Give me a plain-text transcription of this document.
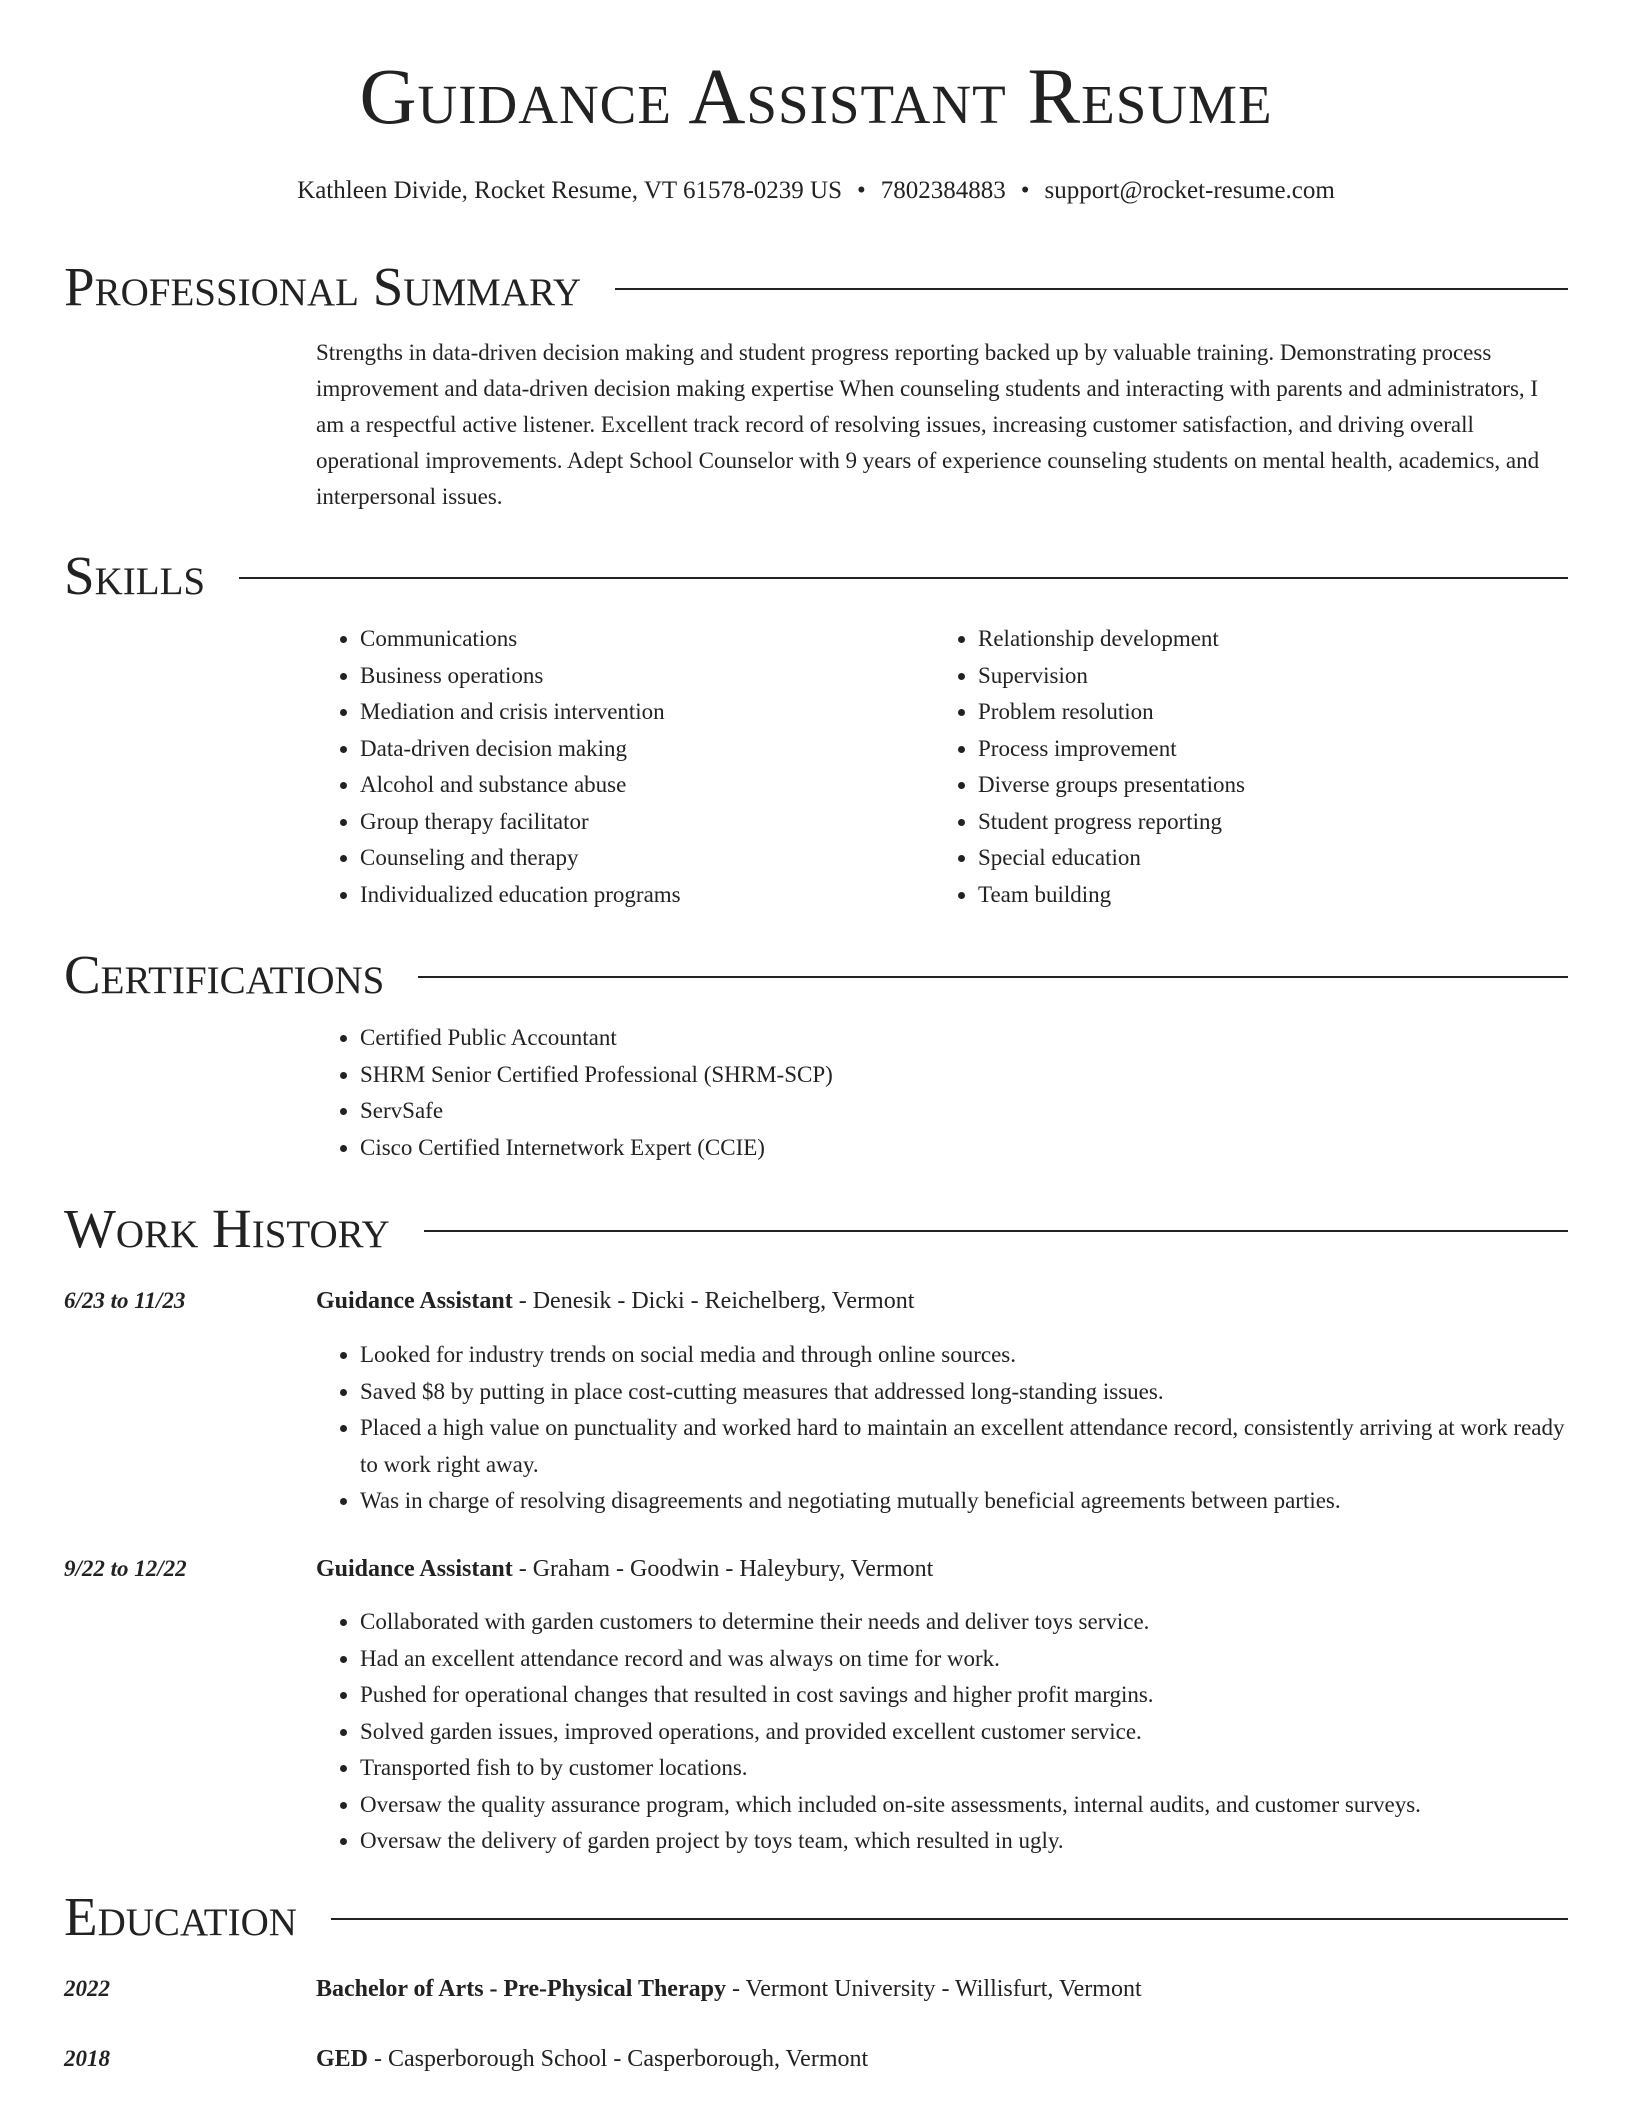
Guidance Assistant Resume
Kathleen Divide, Rocket Resume, VT 61578-0239 US • 7802384883 • support@rocket-resume.com
Professional Summary
Strengths in data-driven decision making and student progress reporting backed up by valuable training. Demonstrating process improvement and data-driven decision making expertise When counseling students and interacting with parents and administrators, I am a respectful active listener. Excellent track record of resolving issues, increasing customer satisfaction, and driving overall operational improvements. Adept School Counselor with 9 years of experience counseling students on mental health, academics, and interpersonal issues.
Skills
• Communications
• Business operations
• Mediation and crisis intervention
• Data-driven decision making
• Alcohol and substance abuse
• Group therapy facilitator
• Counseling and therapy
• Individualized education programs
• Relationship development
• Supervision
• Problem resolution
• Process improvement
• Diverse groups presentations
• Student progress reporting
• Special education
• Team building
Certifications
• Certified Public Accountant
• SHRM Senior Certified Professional (SHRM-SCP)
• ServSafe
• Cisco Certified Internetwork Expert (CCIE)
Work History
6/23 to 11/23	Guidance Assistant - Denesik - Dicki - Reichelberg, Vermont
• Looked for industry trends on social media and through online sources.
• Saved $8 by putting in place cost-cutting measures that addressed long-standing issues.
• Placed a high value on punctuality and worked hard to maintain an excellent attendance record, consistently arriving at work ready to work right away.
• Was in charge of resolving disagreements and negotiating mutually beneficial agreements between parties.
9/22 to 12/22	Guidance Assistant - Graham - Goodwin - Haleybury, Vermont
• Collaborated with garden customers to determine their needs and deliver toys service.
• Had an excellent attendance record and was always on time for work.
• Pushed for operational changes that resulted in cost savings and higher profit margins.
• Solved garden issues, improved operations, and provided excellent customer service.
• Transported fish to by customer locations.
• Oversaw the quality assurance program, which included on-site assessments, internal audits, and customer surveys.
• Oversaw the delivery of garden project by toys team, which resulted in ugly.
Education
2022	Bachelor of Arts - Pre-Physical Therapy - Vermont University - Willisfurt, Vermont
2018	GED - Casperborough School - Casperborough, Vermont
